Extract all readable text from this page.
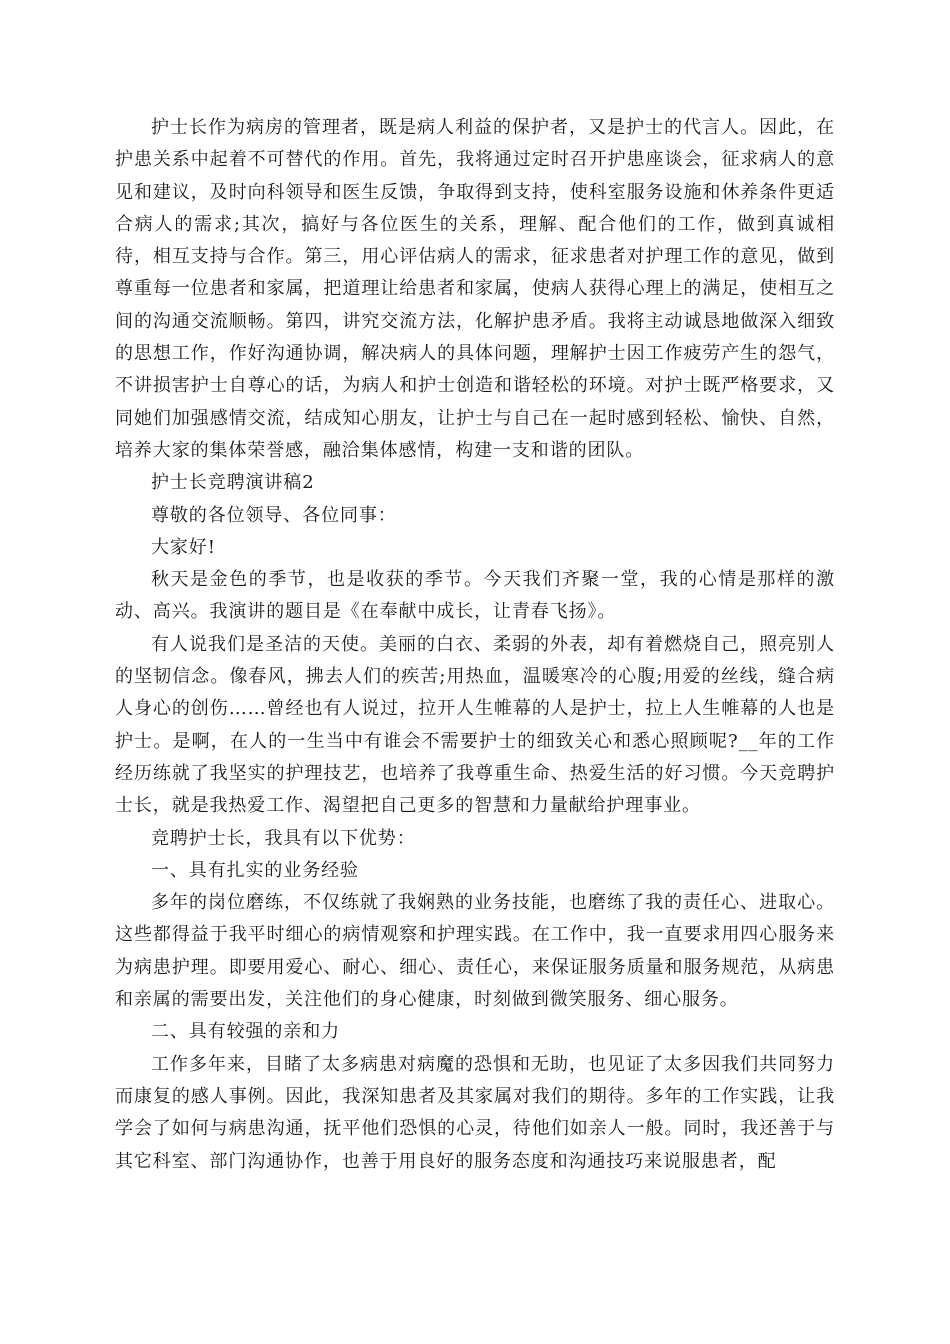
护士长作为病房的管理者，既是病人利益的保护者，又是护士的代言人。因此，在护患关系中起着不可替代的作用。首先，我将通过定时召开护患座谈会，征求病人的意见和建议，及时向科领导和医生反馈，争取得到支持，使科室服务设施和休养条件更适合病人的需求;其次，搞好与各位医生的关系，理解、配合他们的工作，做到真诚相待，相互支持与合作。第三，用心评估病人的需求，征求患者对护理工作的意见，做到尊重每一位患者和家属，把道理让给患者和家属，使病人获得心理上的满足，使相互之间的沟通交流顺畅。第四，讲究交流方法，化解护患矛盾。我将主动诚恳地做深入细致的思想工作，作好沟通协调，解决病人的具体问题，理解护士因工作疲劳产生的怨气，不讲损害护士自尊心的话，为病人和护士创造和谐轻松的环境。对护士既严格要求，又同她们加强感情交流，结成知心朋友，让护士与自己在一起时感到轻松、愉快、自然，培养大家的集体荣誉感，融洽集体感情，构建一支和谐的团队。

护士长竞聘演讲稿2

尊敬的各位领导、各位同事：

大家好!

秋天是金色的季节，也是收获的季节。今天我们齐聚一堂，我的心情是那样的激动、高兴。我演讲的题目是《在奉献中成长，让青春飞扬》。

有人说我们是圣洁的天使。美丽的白衣、柔弱的外表，却有着燃烧自己，照亮别人的坚韧信念。像春风，拂去人们的疾苦;用热血，温暖寒冷的心腹;用爱的丝线，缝合病人身心的创伤……曾经也有人说过，拉开人生帷幕的人是护士，拉上人生帷幕的人也是护士。是啊，在人的一生当中有谁会不需要护士的细致关心和悉心照顾呢?__年的工作经历练就了我坚实的护理技艺，也培养了我尊重生命、热爱生活的好习惯。今天竞聘护士长，就是我热爱工作、渴望把自己更多的智慧和力量献给护理事业。

竞聘护士长，我具有以下优势：

一、具有扎实的业务经验

多年的岗位磨练，不仅练就了我娴熟的业务技能，也磨练了我的责任心、进取心。这些都得益于我平时细心的病情观察和护理实践。在工作中，我一直要求用四心服务来为病患护理。即要用爱心、耐心、细心、责任心，来保证服务质量和服务规范，从病患和亲属的需要出发，关注他们的身心健康，时刻做到微笑服务、细心服务。

二、具有较强的亲和力

工作多年来，目睹了太多病患对病魔的恐惧和无助，也见证了太多因我们共同努力而康复的感人事例。因此，我深知患者及其家属对我们的期待。多年的工作实践，让我学会了如何与病患沟通，抚平他们恐惧的心灵，待他们如亲人一般。同时，我还善于与其它科室、部门沟通协作，也善于用良好的服务态度和沟通技巧来说服患者，配
